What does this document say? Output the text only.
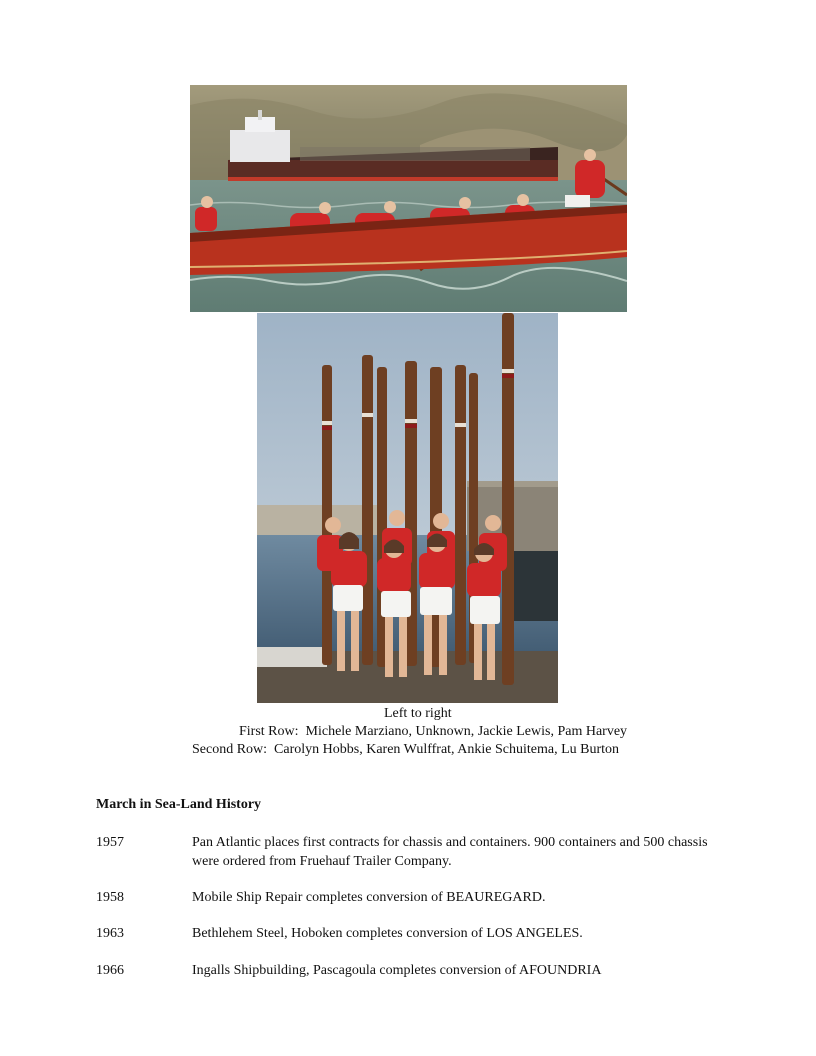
Left to right
First Row:  Michele Marziano, Unknown, Jackie Lewis, Pam Harvey
Second Row:  Carolyn Hobbs, Karen Wulffrat, Ankie Schuitema, Lu Burton
March in Sea-Land History
1957	Pan Atlantic places first contracts for chassis and containers. 900 containers and 500 chassis were ordered from Fruehauf Trailer Company.
1958	Mobile Ship Repair completes conversion of BEAUREGARD.
1963	Bethlehem Steel, Hoboken completes conversion of LOS ANGELES.
1966	Ingalls Shipbuilding, Pascagoula completes conversion of AFOUNDRIA
